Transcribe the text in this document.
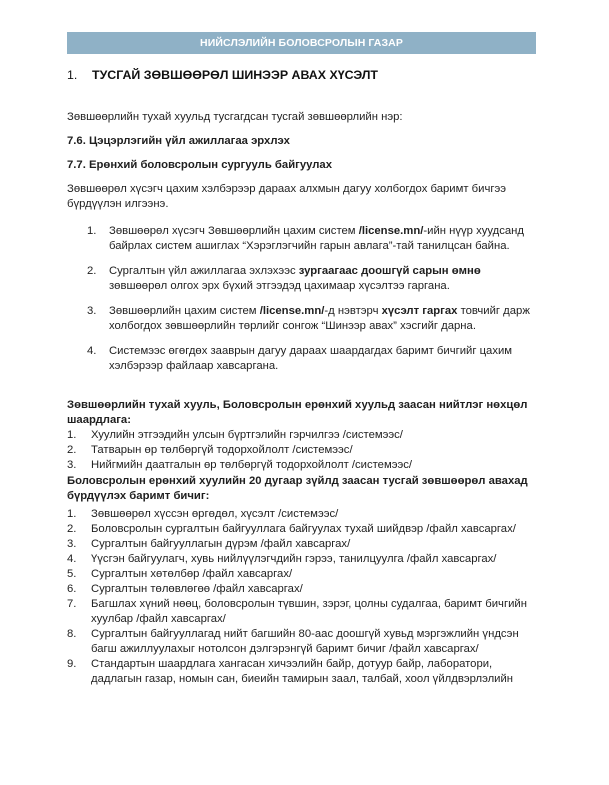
НИЙСЛЭЛИЙН БОЛОВСРОЛЫН ГАЗАР
1. ТУСГАЙ ЗӨВШӨӨРӨЛ ШИНЭЭР АВАХ ХҮСЭЛТ
Зөвшөөрлийн тухай хуульд тусгагдсан тусгай зөвшөөрлийн нэр:
7.6. Цэцэрлэгийн үйл ажиллагаа эрхлэх
7.7. Ерөнхий боловсролын сургууль байгуулах
Зөвшөөрөл хүсэгч цахим хэлбэрээр дараах алхмын дагуу холбогдох баримт бичгээ бүрдүүлэн илгээнэ.
1. Зөвшөөрөл хүсэгч Зөвшөөрлийн цахим систем /license.mn/-ийн нүүр хуудсанд байрлах систем ашиглах “Хэрэглэгчийн гарын авлага”-тай танилцсан байна.
2. Сургалтын үйл ажиллагаа эхлэхээс зургаагаас доошгүй сарын өмнө зөвшөөрөл олгох эрх бүхий этгээдэд цахимаар хүсэлтээ гаргана.
3. Зөвшөөрлийн цахим систем /license.mn/-д нэвтэрч хүсэлт гаргах товчийг дарж холбогдох зөвшөөрлийн төрлийг сонгож “Шинээр авах” хэсгийг дарна.
4. Системээс өгөгдөх зааврын дагуу дараах шаардагдах баримт бичгийг цахим хэлбэрээр файлаар хавсаргана.
Зөвшөөрлийн тухай хууль, Боловсролын ерөнхий хуульд заасан нийтлэг нөхцөл шаардлага:
1.	Хуулийн этгээдийн улсын бүртгэлийн гэрчилгээ /системээс/
2.	Татварын өр төлбөргүй тодорхойлолт /системээс/
3.	Нийгмийн даатгалын өр төлбөргүй тодорхойлолт /системээс/
Боловсролын ерөнхий хуулийн 20 дугаар зүйлд заасан тусгай зөвшөөрөл авахад бүрдүүлэх баримт бичиг:
1.	Зөвшөөрөл хүссэн өргөдөл, хүсэлт /системээс/
2.	Боловсролын сургалтын байгууллага байгуулах тухай шийдвэр /файл хавсаргах/
3.	Сургалтын байгууллагын дүрэм /файл хавсаргах/
4.	Үүсгэн байгуулагч, хувь нийлүүлэгчдийн гэрээ, танилцуулга /файл хавсаргах/
5.	Сургалтын хөтөлбөр /файл хавсаргах/
6.	Сургалтын төлөвлөгөө /файл хавсаргах/
7.	Багшлах хүний нөөц, боловсролын түвшин, зэрэг, цолны судалгаа, баримт бичгийн хуулбар /файл хавсаргах/
8.	Сургалтын байгууллагад нийт багшийн 80-аас доошгүй хувьд мэргэжлийн үндсэн багш ажиллуулахыг нотолсон дэлгэрэнгүй баримт бичиг /файл хавсаргах/
9.	Стандартын шаардлага хангасан хичээлийн байр, дотуур байр, лаборатори, дадлагын газар, номын сан, биеийн тамирын заал, талбай, хоол үйлдвэрлэлийн
